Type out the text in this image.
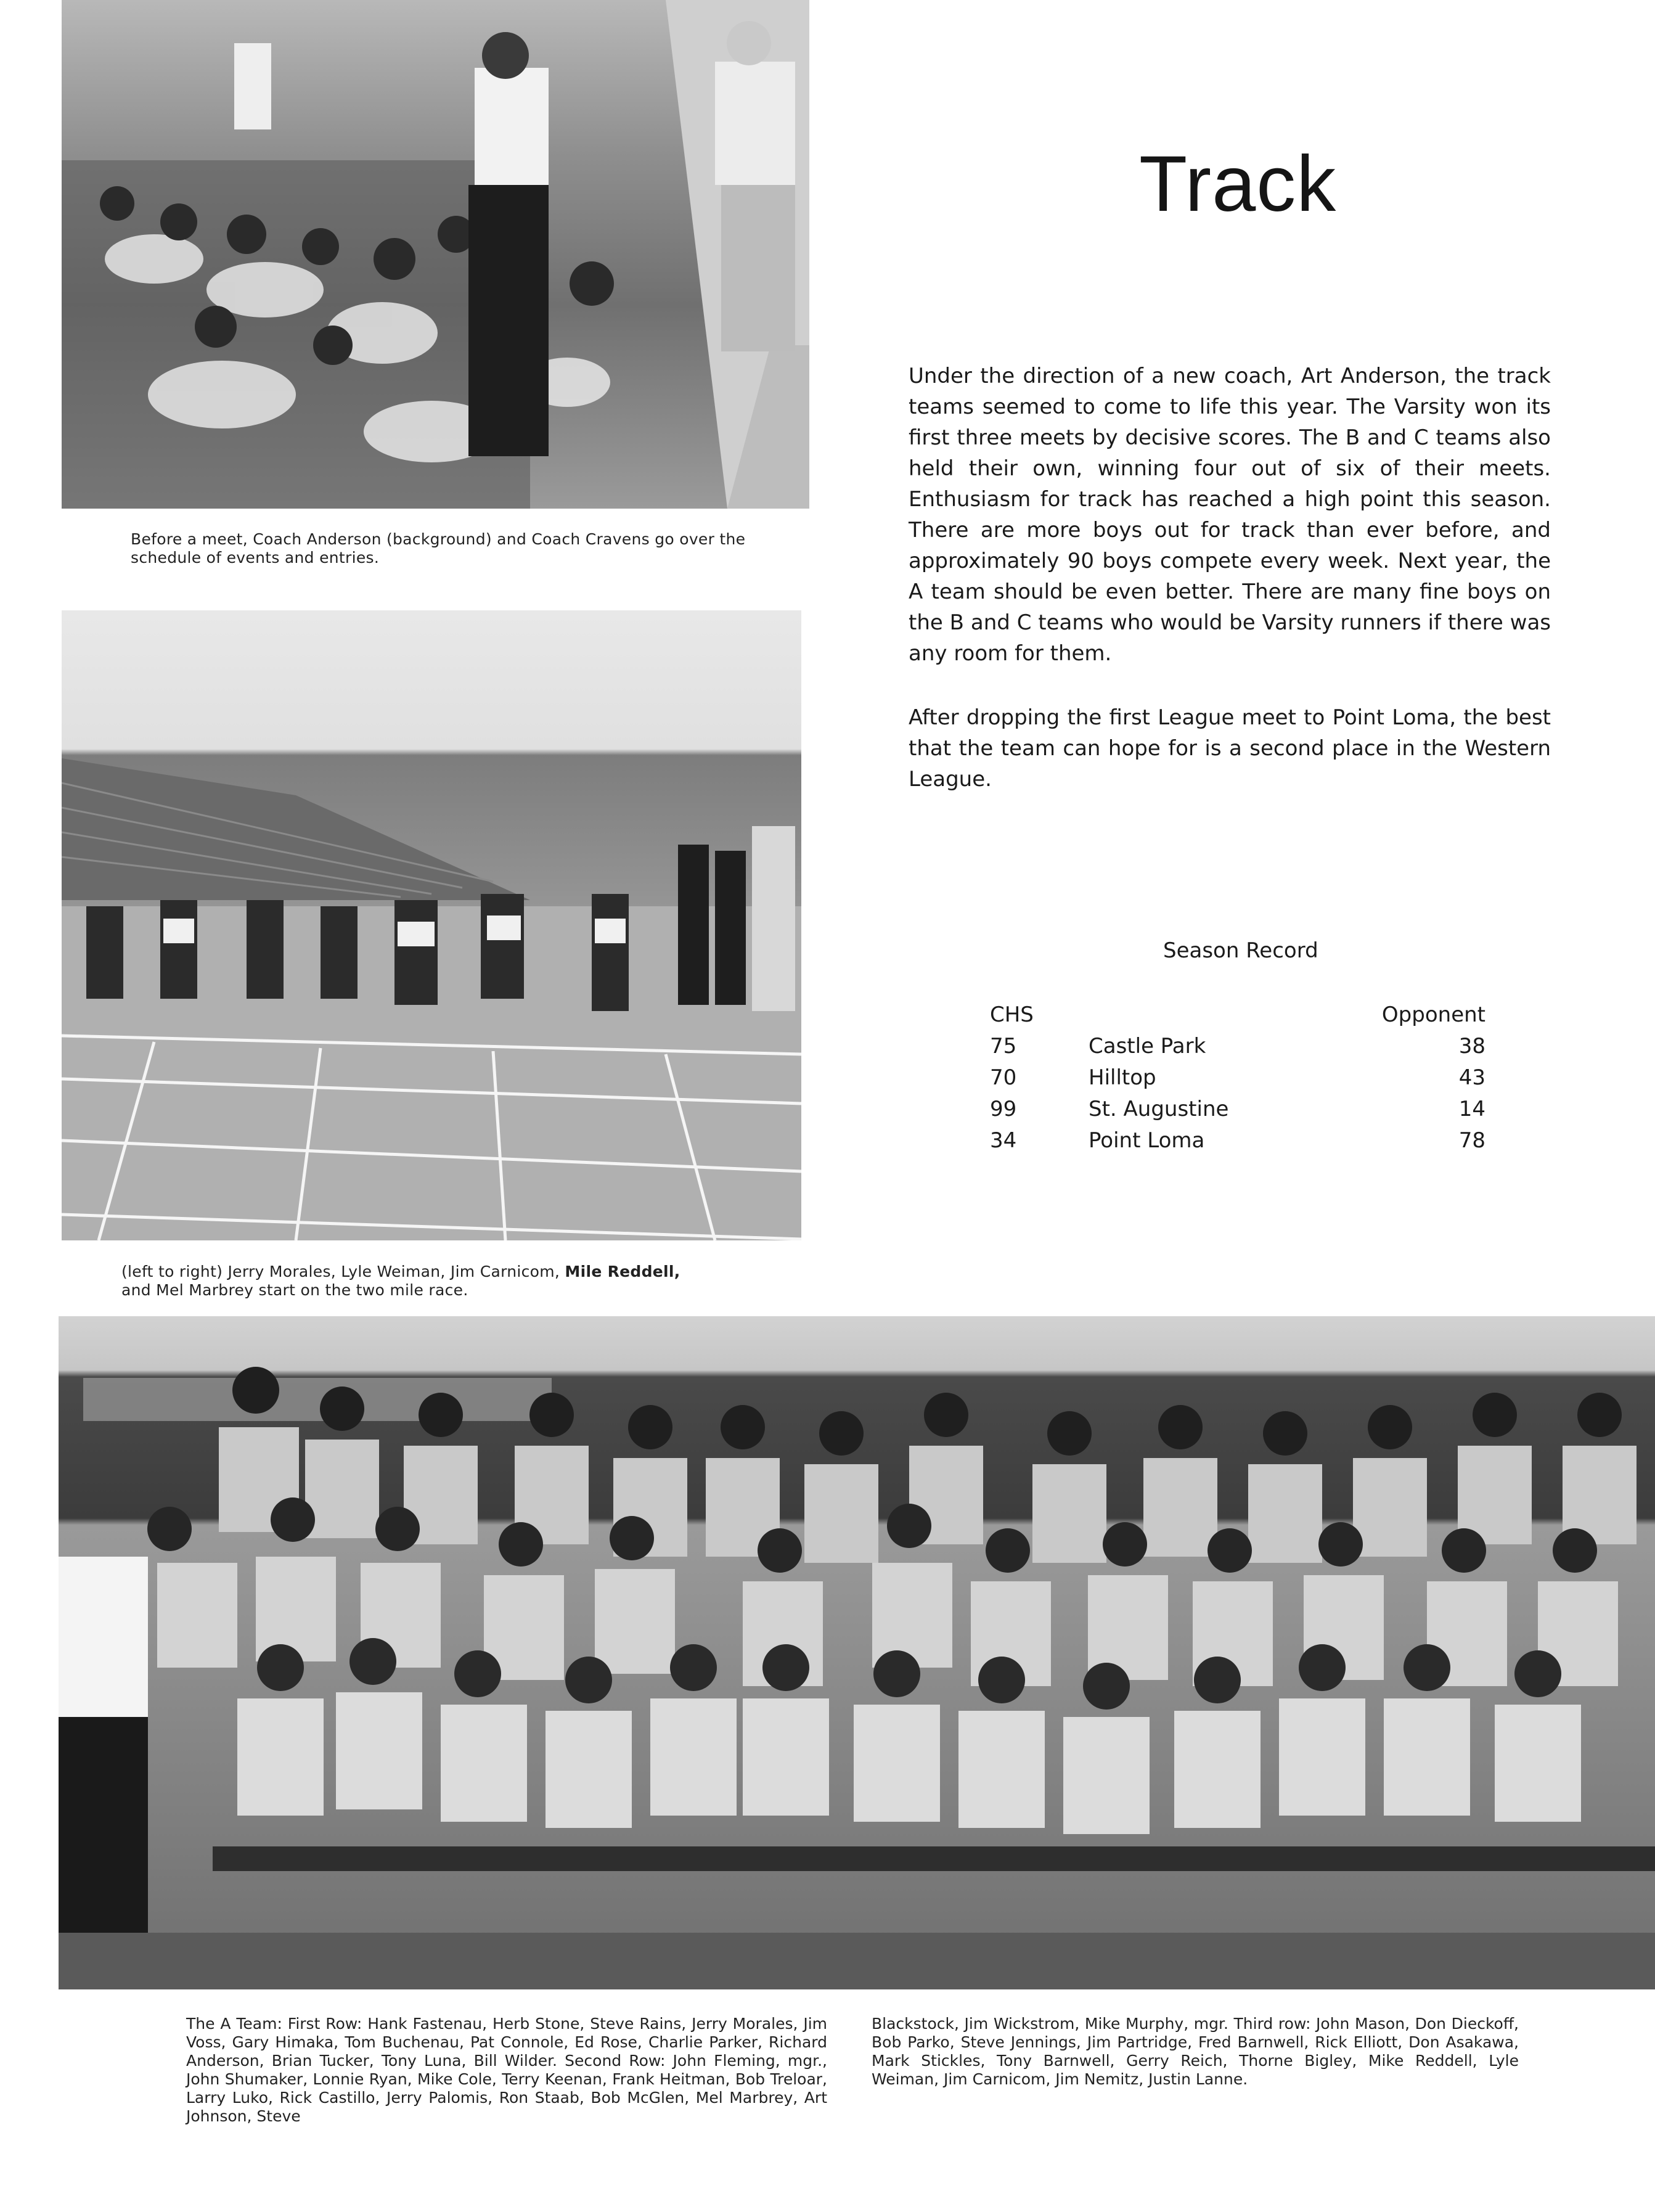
Before a meet, Coach Anderson (background) and Coach Cravens go over the schedule of events and entries.
(left to right) Jerry Morales, Lyle Weiman, Jim Carnicom, Mile Reddell,
and Mel Marbrey start on the two mile race.
Track

Under the direction of a new coach, Art Anderson, the track teams seemed to come to life this year. The Varsity won its first three meets by decisive scores. The B and C teams also held their own, winning four out of six of their meets. Enthusiasm for track has reached a high point this season. There are more boys out for track than ever before, and approximately 90 boys compete every week. Next year, the A team should be even better. There are many fine boys on the B and C teams who would be Varsity runners if there was any room for them.

After dropping the first League meet to Point Loma, the best that the team can hope for is a second place in the Western League.

Season Record
CHS		Opponent
75	Castle Park	38
70	Hilltop	43
99	St. Augustine	14
34	Point Loma	78

The A Team: First Row: Hank Fastenau, Herb Stone, Steve Rains, Jerry Morales, Jim Voss, Gary Himaka, Tom Buchenau, Pat Connole, Ed Rose, Charlie Parker, Richard Anderson, Brian Tucker, Tony Luna, Bill Wilder. Second Row: John Fleming, mgr., John Shumaker, Lonnie Ryan, Mike Cole, Terry Keenan, Frank Heitman, Bob Treloar, Larry Luko, Rick Castillo, Jerry Palomis, Ron Staab, Bob McGlen, Mel Marbrey, Art Johnson, Steve

Blackstock, Jim Wickstrom, Mike Murphy, mgr. Third row: John Mason, Don Dieckoff, Bob Parko, Steve Jennings, Jim Partridge, Fred Barnwell, Rick Elliott, Don Asakawa, Mark Stickles, Tony Barnwell, Gerry Reich, Thorne Bigley, Mike Reddell, Lyle Weiman, Jim Carnicom, Jim Nemitz, Justin Lanne.
